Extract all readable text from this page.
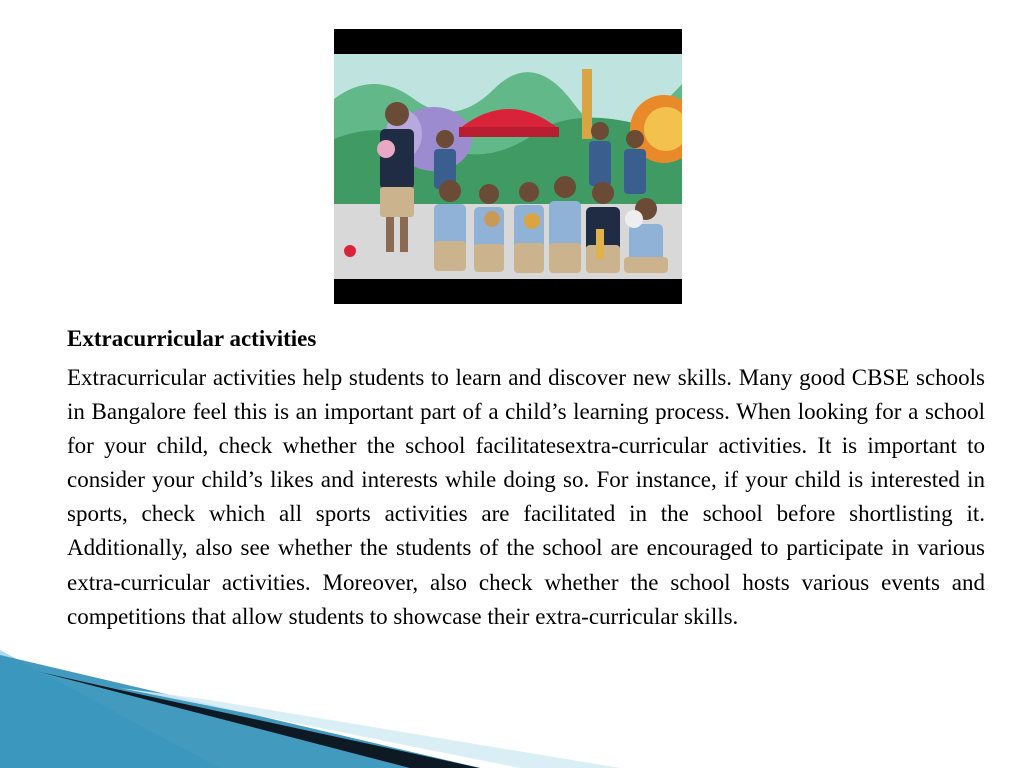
Extracurricular activities

Extracurricular activities help students to learn and discover new skills. Many good CBSE schools in Bangalore feel this is an important part of a child’s learning process. When looking for a school for your child, check whether the school facilitatesextra-curricular activities. It is important to consider your child’s likes and interests while doing so. For instance, if your child is interested in sports, check which all sports activities are facilitated in the school before shortlisting it. Additionally, also see whether the students of the school are encouraged to participate in various extra-curricular activities. Moreover, also check whether the school hosts various events and competitions that allow students to showcase their extra-curricular skills.
